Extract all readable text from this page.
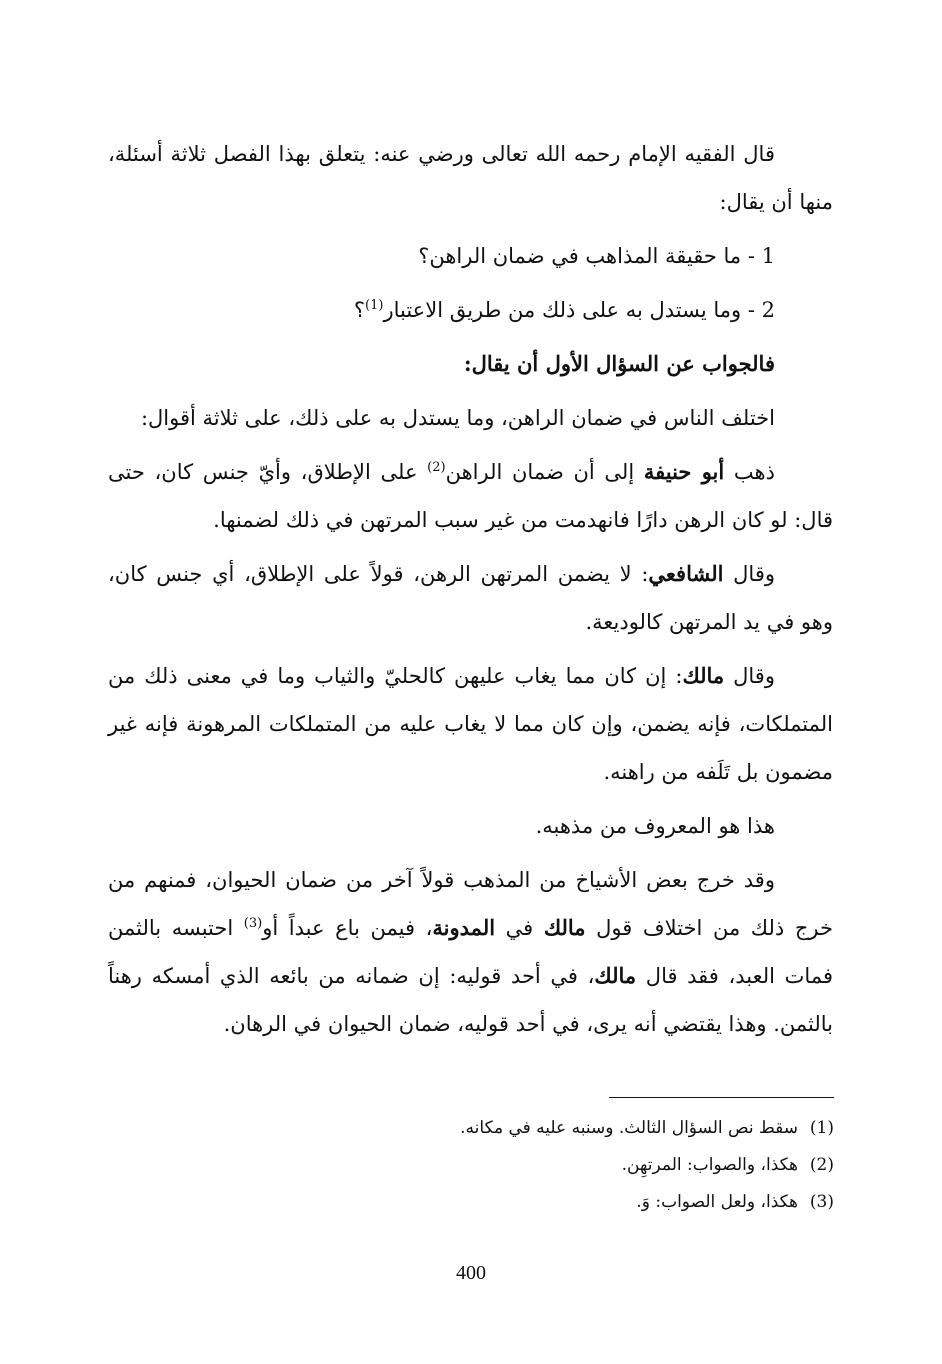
قال الفقيه الإمام رحمه الله تعالى ورضي عنه: يتعلق بهذا الفصل ثلاثة أسئلة، منها أن يقال:

1 - ما حقيقة المذاهب في ضمان الراهن؟

2 - وما يستدل به على ذلك من طريق الاعتبار$^{(1)}$؟

فالجواب عن السؤال الأول أن يقال:

اختلف الناس في ضمان الراهن، وما يستدل به على ذلك، على ثلاثة أقوال:

ذهب أبو حنيفة إلى أن ضمان الراهن$^{(2)}$ على الإطلاق، وأيّ جنس كان، حتى قال: لو كان الرهن دارًا فانهدمت من غير سبب المرتهن في ذلك لضمنها.

وقال الشافعي: لا يضمن المرتهن الرهن، قولاً على الإطلاق، أي جنس كان، وهو في يد المرتهن كالوديعة.

وقال مالك: إن كان مما يغاب عليهن كالحليّ والثياب وما في معنى ذلك من المتملكات، فإنه يضمن، وإن كان مما لا يغاب عليه من المتملكات المرهونة فإنه غير مضمون بل تَلَفه من راهنه.

هذا هو المعروف من مذهبه.

وقد خرج بعض الأشياخ من المذهب قولاً آخر من ضمان الحيوان، فمنهم من خرج ذلك من اختلاف قول مالك في المدونة، فيمن باع عبداً أو$^{(3)}$ احتبسه بالثمن فمات العبد، فقد قال مالك، في أحد قوليه: إن ضمانه من بائعه الذي أمسكه رهناً بالثمن. وهذا يقتضي أنه يرى، في أحد قوليه، ضمان الحيوان في الرهان.

(1)سقط نص السؤال الثالث. وسنبه عليه في مكانه.

(2)هكذا، والصواب: المرتهِن.

(3)هكذا، ولعل الصواب: وَ.

400
